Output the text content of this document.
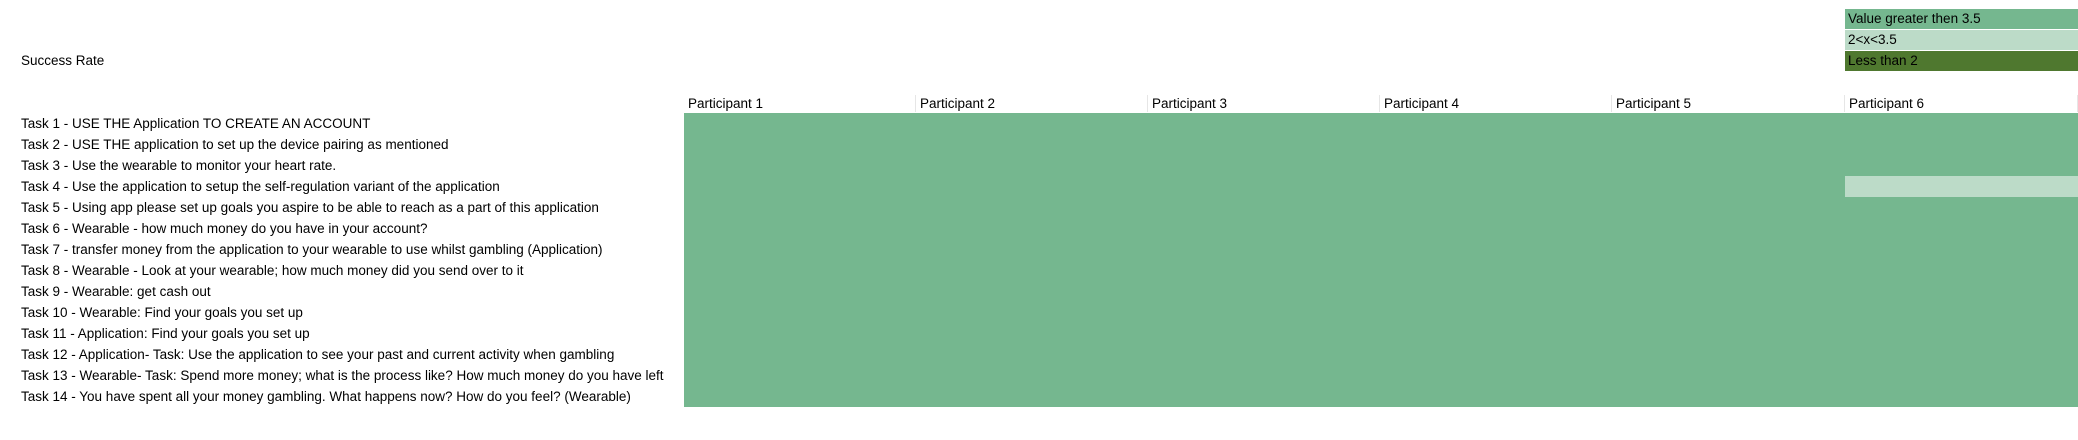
Success Rate
Value greater then 3.5
2<x<3.5
Less than 2
Participant 1	Participant 2	Participant 3	Participant 4	Participant 5	Participant 6
Task 1 - USE THE Application TO CREATE AN ACCOUNT
Task 2 - USE THE application to set up the device pairing as mentioned
Task 3 - Use the wearable to monitor your heart rate.
Task 4 - Use the application to setup the self-regulation variant of the application
Task 5 - Using app please set up goals you aspire to be able to reach as a part of this application
Task 6 - Wearable - how much money do you have in your account?
Task 7 - transfer money from the application to your wearable to use whilst gambling (Application)
Task 8 - Wearable - Look at your wearable; how much money did you send over to it
Task 9 - Wearable: get cash out
Task 10 - Wearable: Find your goals you set up
Task 11 - Application: Find your goals you set up
Task 12 - Application- Task: Use the application to see your past and current activity when gambling
Task 13 - Wearable- Task: Spend more money; what is the process like? How much money do you have left
Task 14 - You have spent all your money gambling. What happens now? How do you feel? (Wearable)
